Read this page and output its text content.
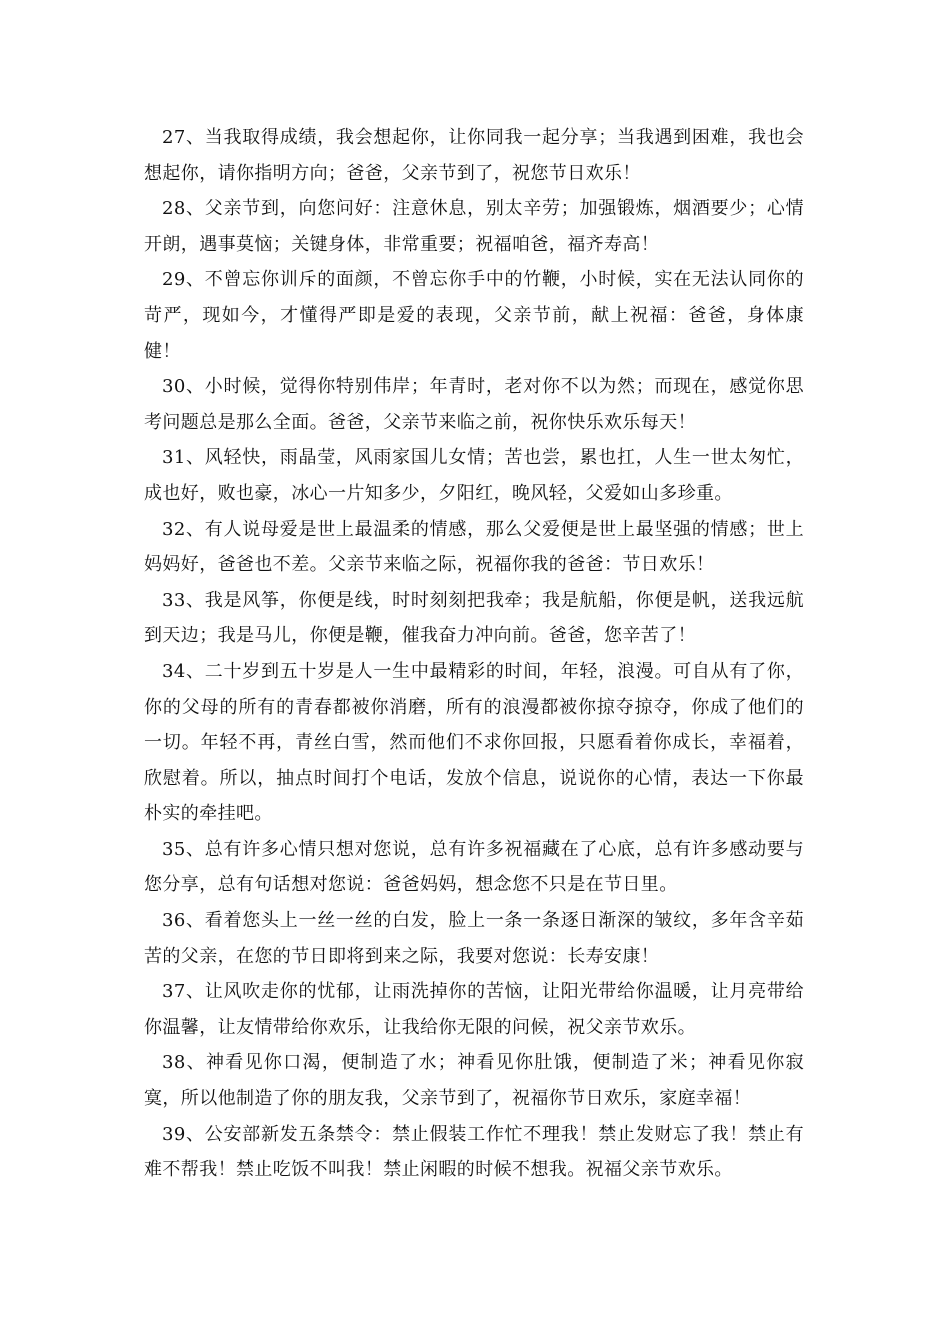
27、当我取得成绩，我会想起你，让你同我一起分享；当我遇到困难，我也会想起你，请你指明方向；爸爸，父亲节到了，祝您节日欢乐！

28、父亲节到，向您问好：注意休息，别太辛劳；加强锻炼，烟酒要少；心情开朗，遇事莫恼；关键身体，非常重要；祝福咱爸，福齐寿高！

29、不曾忘你训斥的面颜，不曾忘你手中的竹鞭，小时候，实在无法认同你的苛严，现如今，才懂得严即是爱的表现，父亲节前，献上祝福：爸爸，身体康健！

30、小时候，觉得你特别伟岸；年青时，老对你不以为然；而现在，感觉你思考问题总是那么全面。爸爸，父亲节来临之前，祝你快乐欢乐每天！

31、风轻快，雨晶莹，风雨家国儿女情；苦也尝，累也扛，人生一世太匆忙，成也好，败也豪，冰心一片知多少，夕阳红，晚风轻，父爱如山多珍重。

32、有人说母爱是世上最温柔的情感，那么父爱便是世上最坚强的情感；世上妈妈好，爸爸也不差。父亲节来临之际，祝福你我的爸爸：节日欢乐！

33、我是风筝，你便是线，时时刻刻把我牵；我是航船，你便是帆，送我远航到天边；我是马儿，你便是鞭，催我奋力冲向前。爸爸，您辛苦了！

34、二十岁到五十岁是人一生中最精彩的时间，年轻，浪漫。可自从有了你，你的父母的所有的青春都被你消磨，所有的浪漫都被你掠夺掠夺，你成了他们的一切。年轻不再，青丝白雪，然而他们不求你回报，只愿看着你成长，幸福着，欣慰着。所以，抽点时间打个电话，发放个信息，说说你的心情，表达一下你最朴实的牵挂吧。

35、总有许多心情只想对您说，总有许多祝福藏在了心底，总有许多感动要与您分享，总有句话想对您说：爸爸妈妈，想念您不只是在节日里。

36、看着您头上一丝一丝的白发，脸上一条一条逐日渐深的皱纹，多年含辛茹苦的父亲，在您的节日即将到来之际，我要对您说：长寿安康！

37、让风吹走你的忧郁，让雨洗掉你的苦恼，让阳光带给你温暖，让月亮带给你温馨，让友情带给你欢乐，让我给你无限的问候，祝父亲节欢乐。

38、神看见你口渴，便制造了水；神看见你肚饿，便制造了米；神看见你寂寞，所以他制造了你的朋友我，父亲节到了，祝福你节日欢乐，家庭幸福！

39、公安部新发五条禁令：禁止假装工作忙不理我！禁止发财忘了我！禁止有难不帮我！禁止吃饭不叫我！禁止闲暇的时候不想我。祝福父亲节欢乐。
